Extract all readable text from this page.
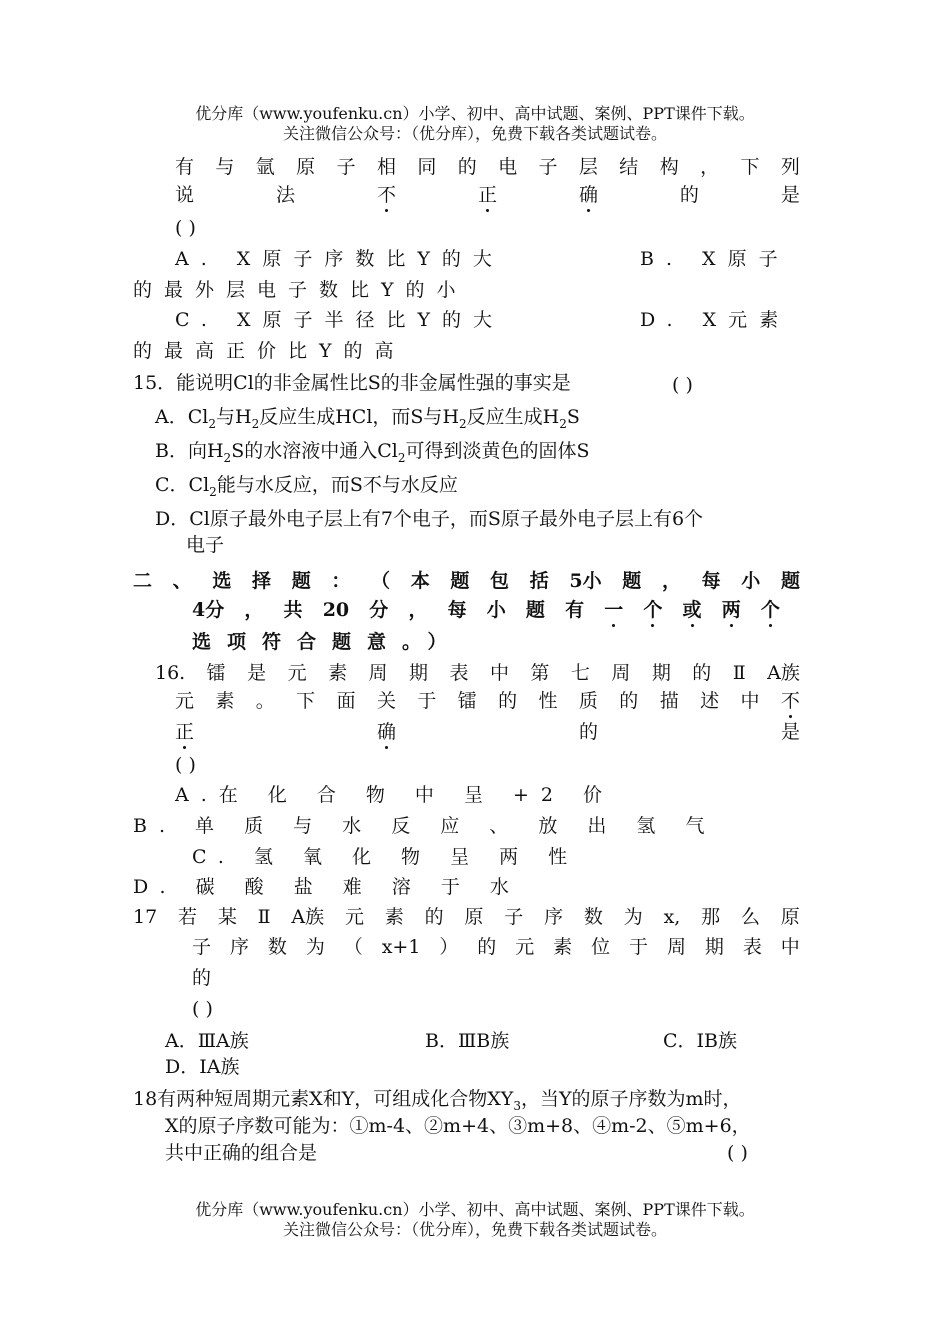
优分库（www.youfenku.cn）小学、初中、高中试题、案例、PPT课件下载。
关注微信公众号：（优分库），免费下载各类试题试卷。
有 与 氩 原 子 相 同 的 电 子 层 结 构 ， 下 列
说	法	不	正	确	的	是
( )
A. X原子序数比Y的大	B. X原子
的最外层电子数比Y的小
C. X原子半径比Y的大	D. X元素
的最高正价比Y的高
15．能说明Cl的非金属性比S的非金属性强的事实是	( )
A．$Cl_2$与$H_2$反应生成HCl，而S与$H_2$反应生成$H_2S$
B．向$H_2S$的水溶液中通入$Cl_2$可得到淡黄色的固体S
C．$Cl_2$能与水反应，而S不与水反应
D．Cl原子最外电子层上有7个电子，而S原子最外电子层上有6个
电子
二 、 选 择 题 ： （ 本 题 包 括 5小 题 ， 每 小 题
4分 ， 共 20 分 ， 每 小 题 有 一 个 或 两 个
选项符合题意。）
16. 镭 是 元 素 周 期 表 中 第 七 周 期 的 Ⅱ A族
元 素 。 下 面 关 于 镭 的 性 质 的 描 述 中 不
正	确	的	是
( )
A.在 化 合 物 中 呈 +2 价
B. 单 质 与 水 反 应 、 放 出 氢 气
C. 氢 氧 化 物 呈 两 性
D. 碳 酸 盐 难 溶 于 水
17 若 某 Ⅱ A族 元 素 的 原 子 序 数 为 x, 那 么 原
子 序 数 为 （ x+1 ） 的 元 素 位 于 周 期 表 中
的
( )
A．ⅢA族	B．ⅢB族	C．ⅠB族
D．ⅠA族
18有两种短周期元素X和Y，可组成化合物$XY_3$，当Y的原子序数为m时，
X的原子序数可能为：①m-4、②m+4、③m+8、④m-2、⑤m+6，
共中正确的组合是	( )
优分库（www.youfenku.cn）小学、初中、高中试题、案例、PPT课件下载。
关注微信公众号：（优分库），免费下载各类试题试卷。
